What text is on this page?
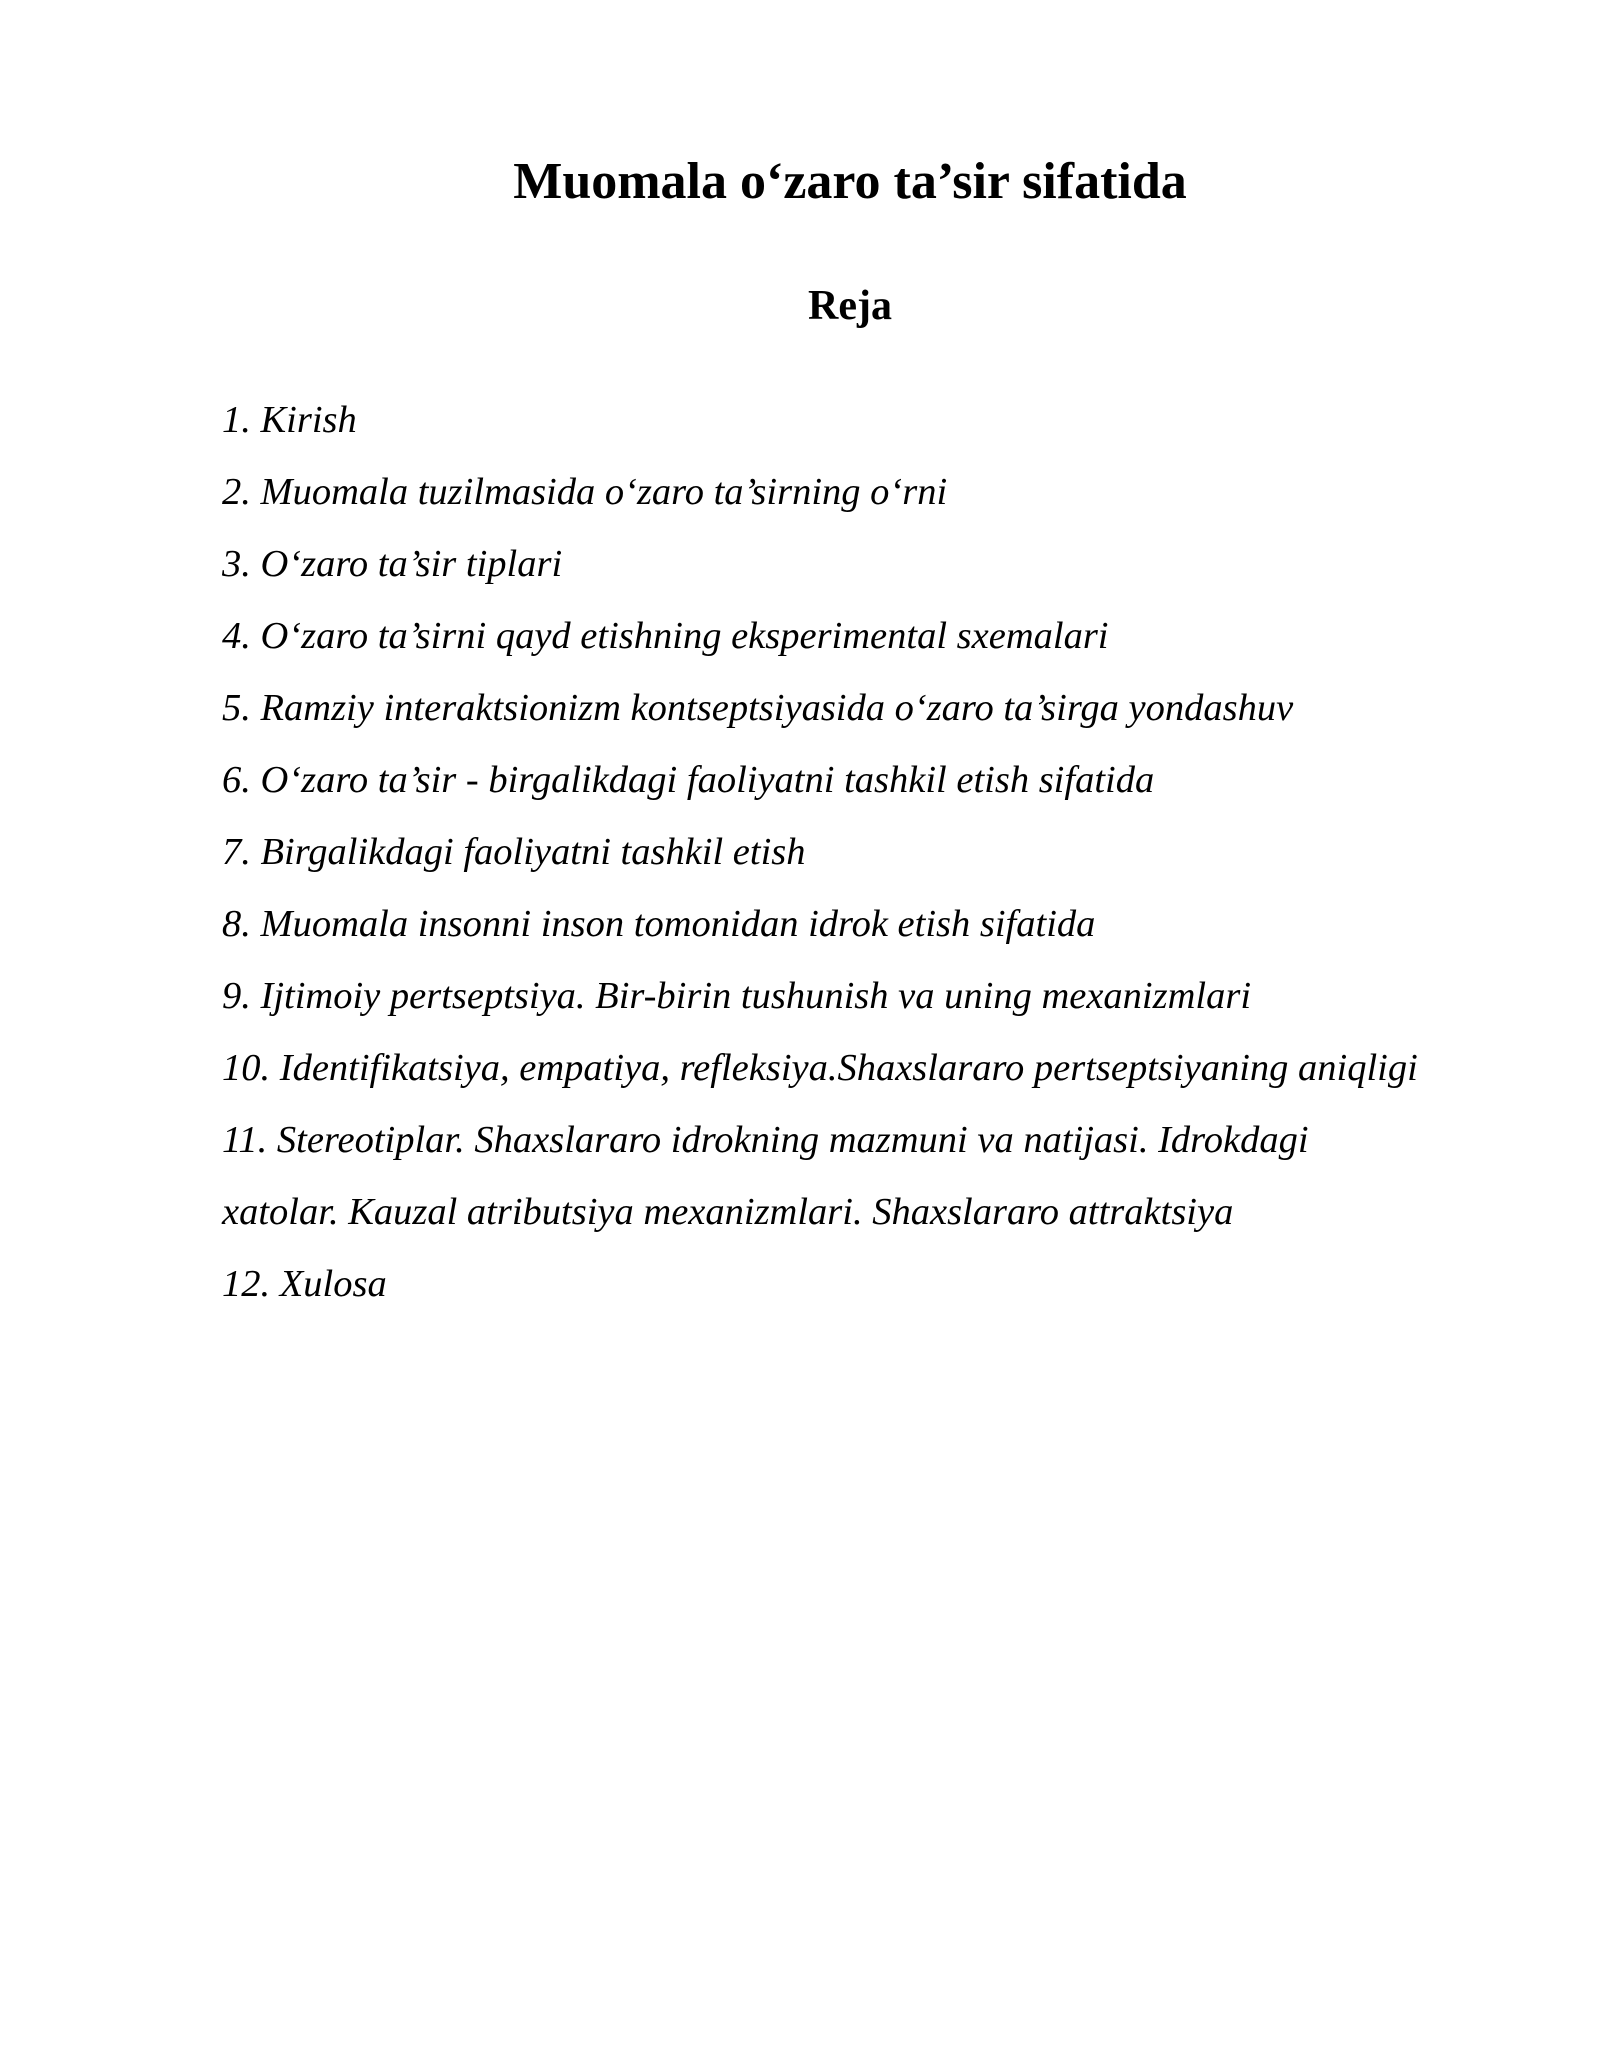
Muomala o‘zaro ta’sir sifatida
Reja
1. Kirish
2. Muomala tuzilmasida o‘zaro ta’sirning o‘rni
3. O‘zaro ta’sir tiplari
4. O‘zaro ta’sirni qayd etishning eksperimental sxemalari
5. Ramziy interaktsionizm kontseptsiyasida o‘zaro ta’sirga yondashuv
6. O‘zaro ta’sir - birgalikdagi faoliyatni tashkil etish sifatida
7. Birgalikdagi faoliyatni tashkil etish
8. Muomala insonni inson tomonidan idrok etish sifatida
9. Ijtimoiy pertseptsiya. Bir-birin tushunish va uning mexanizmlari
10. Identifikatsiya, empatiya, refleksiya.Shaxslararo pertseptsiyaning aniqligi
11. Stereotiplar. Shaxslararo idrokning mazmuni va natijasi. Idrokdagi xatolar. Kauzal atributsiya mexanizmlari. Shaxslararo attraktsiya
12. Xulosa
